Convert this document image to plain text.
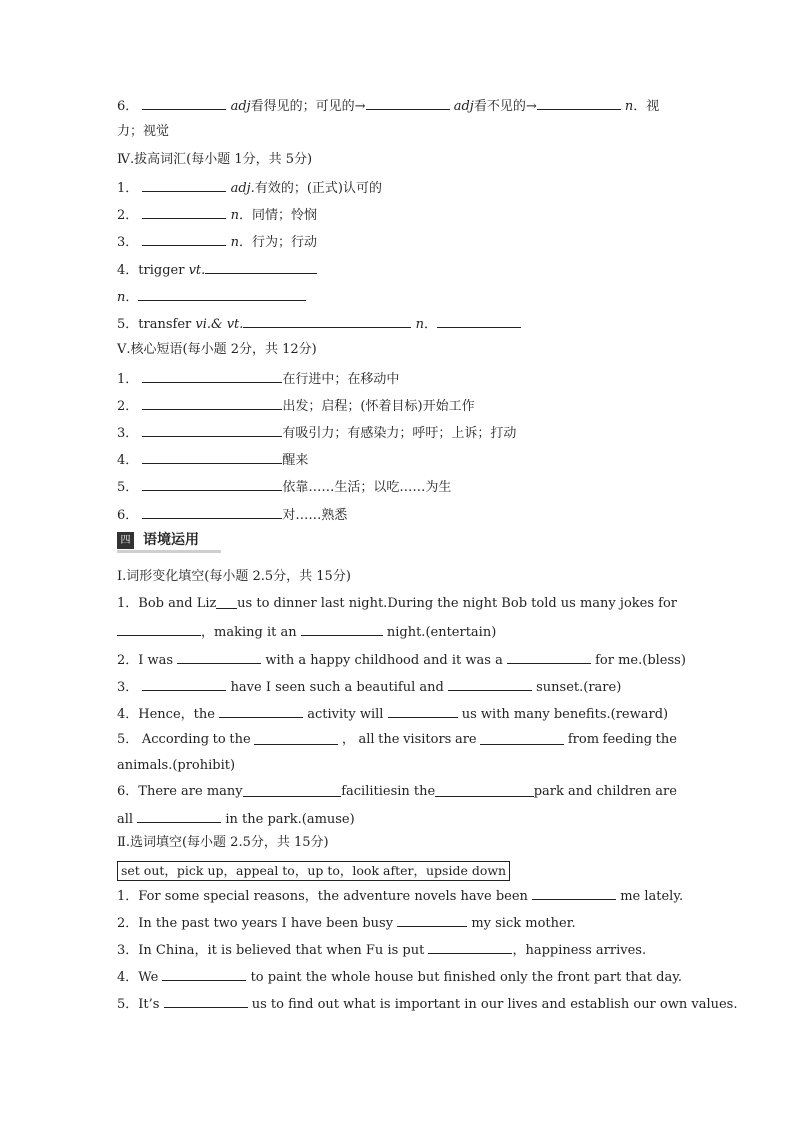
6．	adj看得见的；可见的→	adj看不见的→	n．视
力；视觉
Ⅳ.拔高词汇(每小题 1分，共 5分)
1．	adj.有效的；(正式)认可的
2．	n．同情；怜悯
3．	n．行为；行动
4．trigger vt.
n．
5．transfer vi.& vt.	n．
Ⅴ.核心短语(每小题 2分，共 12分)
1．	在行进中；在移动中
2．	出发；启程；(怀着目标)开始工作
3．	有吸引力；有感染力；呼吁；上诉；打动
4．	醒来
5．	依靠……生活；以吃……为生
6．	对……熟悉
四 语境运用
Ⅰ.词形变化填空(每小题 2.5分，共 15分)
1． Bob and Liz us to dinner last night.During the night Bob told us many jokes for
，making it an	night.(entertain)
2．I was	with a happy childhood and it was a	for me.(bless)
3．	have I seen such a beautiful and	sunset.(rare)
4．Hence，the	activity will	us with many benefits.(reward)
5． According to the	， all the visitors are	from feeding the
animals.(prohibit)
6．There are many	facilities in the	park and children are
all	in the park.(amuse)
Ⅱ.选词填空(每小题 2.5分，共 15分)
set out，pick up，appeal to，up to，look after，upside down
1．For some special reasons，the adventure novels have been	me lately.
2．In the past two years I have been busy	my sick mother.
3．In China，it is believed that when Fu is put	，happiness arrives.
4．We	to paint the whole house but finished only the front part that day.
5．It’s	us to find out what is important in our lives and establish our own values.
